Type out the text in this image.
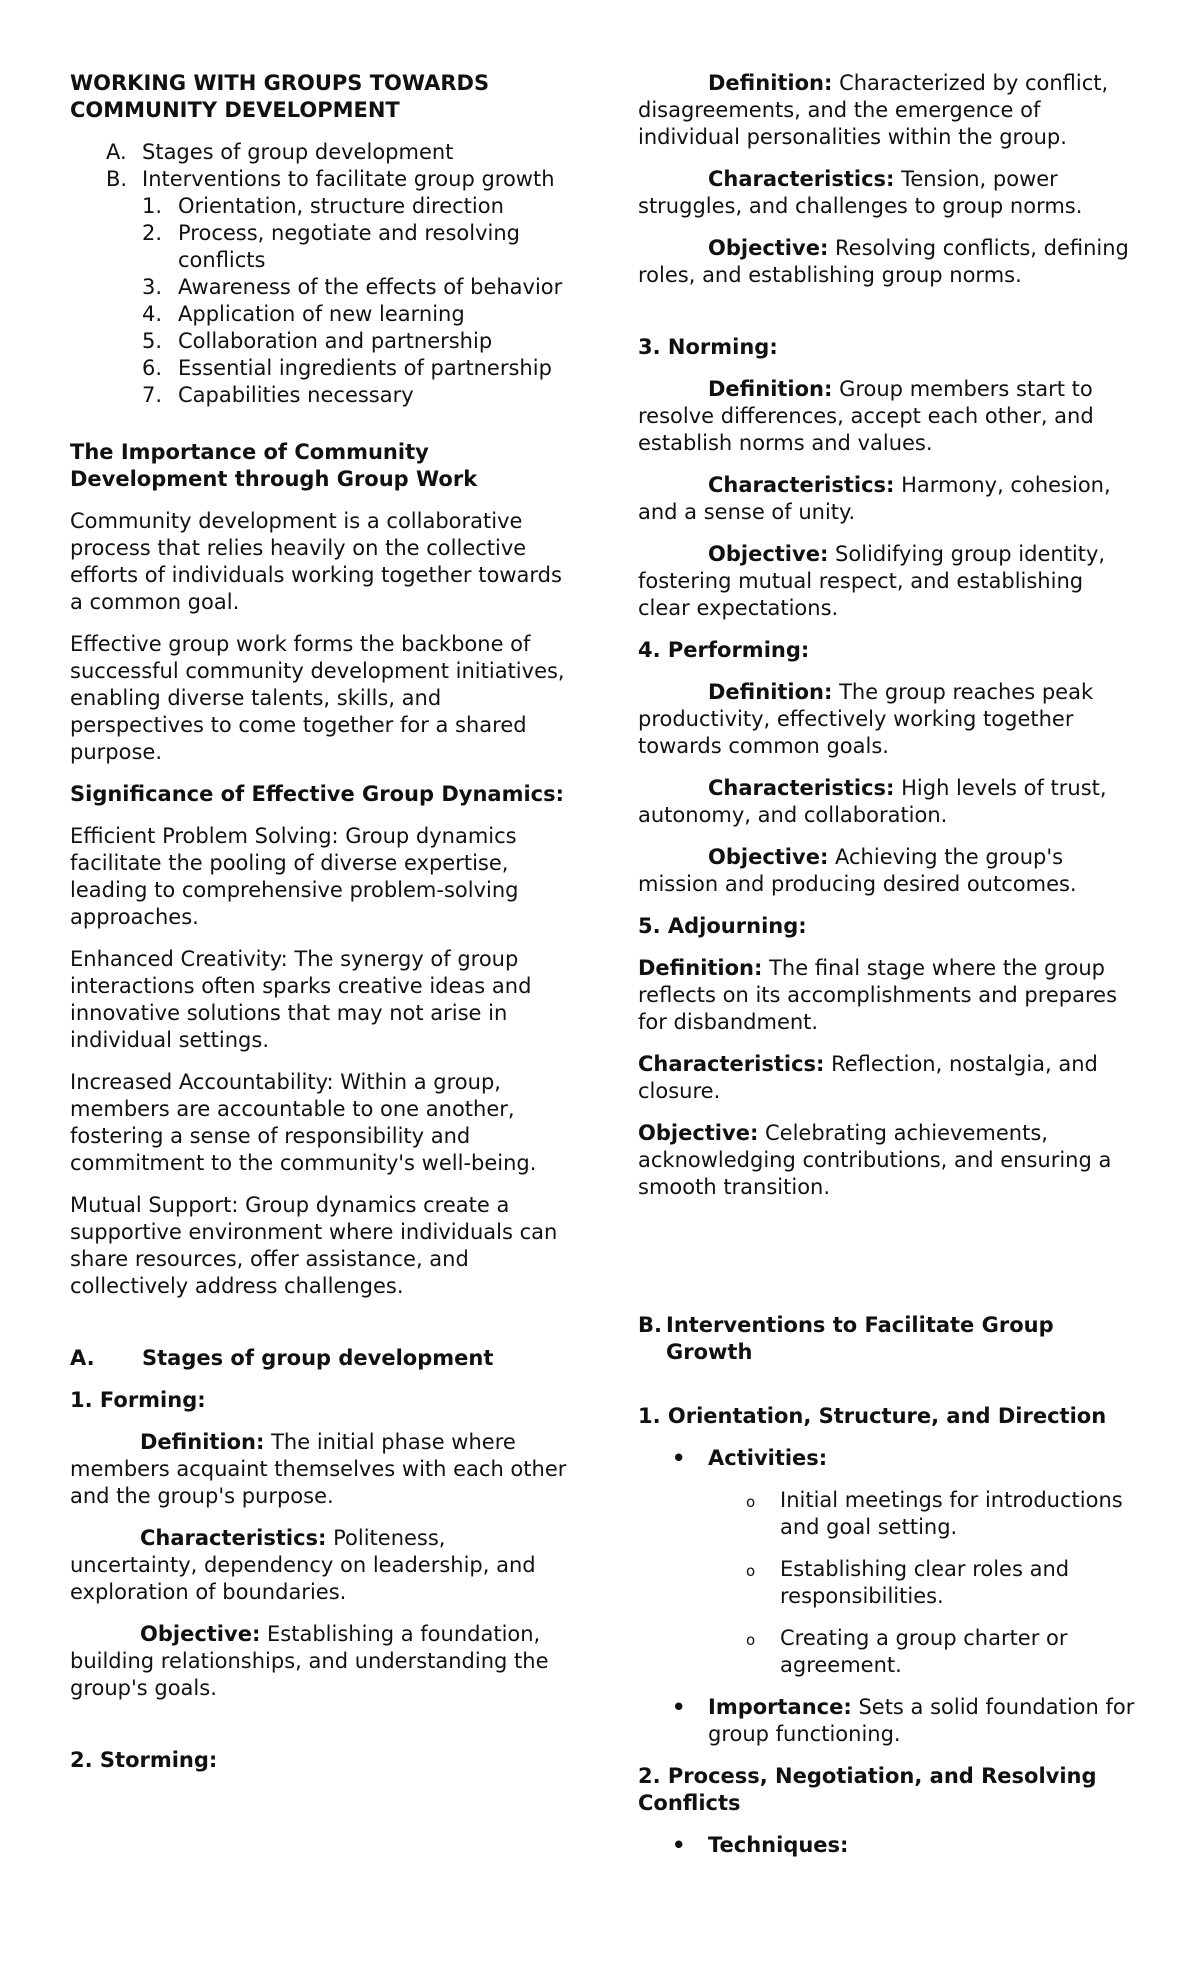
WORKING WITH GROUPS TOWARDS COMMUNITY DEVELOPMENT
A. Stages of group development
B. Interventions to facilitate group growth
1. Orientation, structure direction
2. Process, negotiate and resolving conflicts
3. Awareness of the effects of behavior
4. Application of new learning
5. Collaboration and partnership
6. Essential ingredients of partnership
7. Capabilities necessary
The Importance of Community Development through Group Work

Community development is a collaborative process that relies heavily on the collective efforts of individuals working together towards a common goal.

Effective group work forms the backbone of successful community development initiatives, enabling diverse talents, skills, and perspectives to come together for a shared purpose.

Significance of Effective Group Dynamics:

Efficient Problem Solving: Group dynamics facilitate the pooling of diverse expertise, leading to comprehensive problem-solving approaches.

Enhanced Creativity: The synergy of group interactions often sparks creative ideas and innovative solutions that may not arise in individual settings.

Increased Accountability: Within a group, members are accountable to one another, fostering a sense of responsibility and commitment to the community's well-being.

Mutual Support: Group dynamics create a supportive environment where individuals can share resources, offer assistance, and collectively address challenges.

A.	Stages of group development
1. Forming:

Definition: The initial phase where members acquaint themselves with each other and the group's purpose.

Characteristics: Politeness, uncertainty, dependency on leadership, and exploration of boundaries.

Objective: Establishing a foundation, building relationships, and understanding the group's goals.

2. Storming:

Definition: Characterized by conflict, disagreements, and the emergence of individual personalities within the group.

Characteristics: Tension, power struggles, and challenges to group norms.

Objective: Resolving conflicts, defining roles, and establishing group norms.

3. Norming:

Definition: Group members start to resolve differences, accept each other, and establish norms and values.

Characteristics: Harmony, cohesion, and a sense of unity.

Objective: Solidifying group identity, fostering mutual respect, and establishing clear expectations.

4. Performing:

Definition: The group reaches peak productivity, effectively working together towards common goals.

Characteristics: High levels of trust, autonomy, and collaboration.

Objective: Achieving the group's mission and producing desired outcomes.

5. Adjourning:

Definition: The final stage where the group reflects on its accomplishments and prepares for disbandment.

Characteristics: Reflection, nostalgia, and closure.

Objective: Celebrating achievements, acknowledging contributions, and ensuring a smooth transition.

B. Interventions to Facilitate Group Growth
1. Orientation, Structure, and Direction
• Activities:
o Initial meetings for introductions and goal setting.
o Establishing clear roles and responsibilities.
o Creating a group charter or agreement.
• Importance: Sets a solid foundation for group functioning.
2. Process, Negotiation, and Resolving Conflicts
• Techniques:
